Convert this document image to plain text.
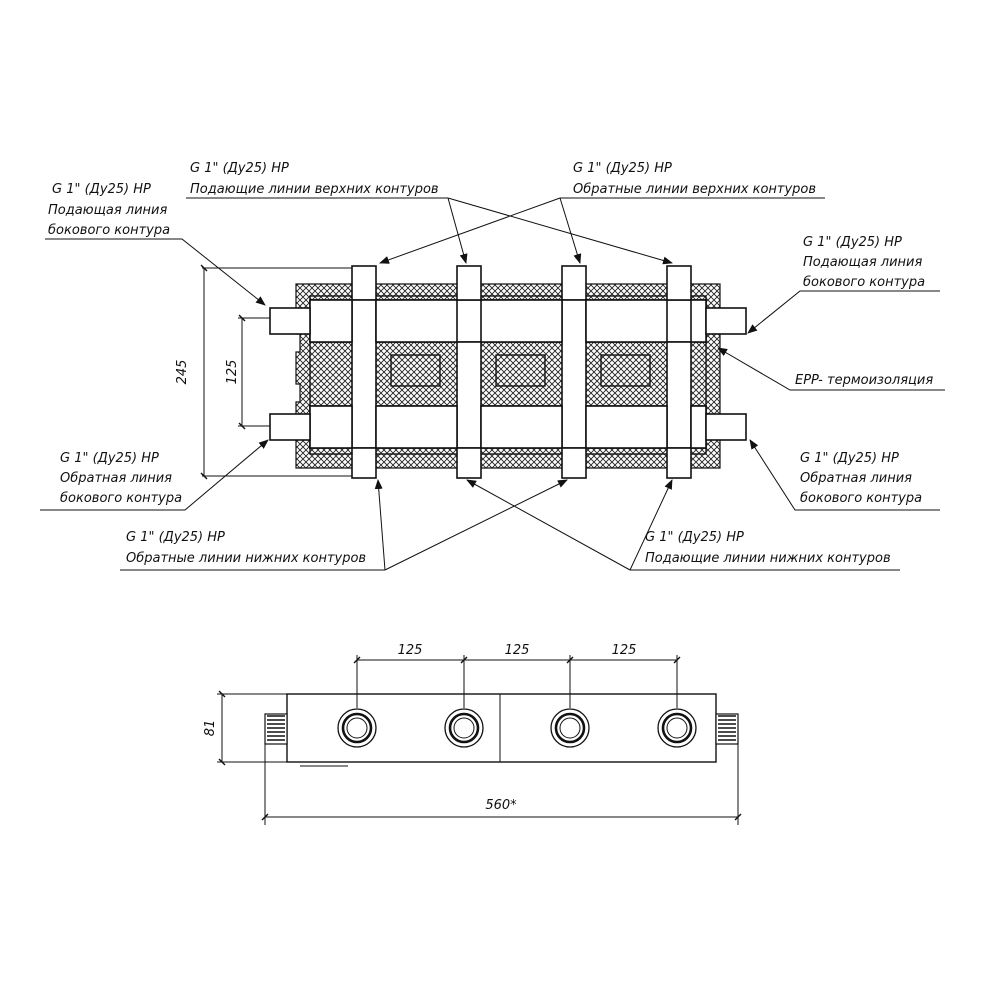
245	125
G 1" (Ду25) НР
Подающая линия
бокового контура
G 1" (Ду25) НР
Подающие линии верхних контуров
G 1" (Ду25) НР
Обратные линии верхних контуров
G 1" (Ду25) НР
Подающая линия
бокового контура
EPP- термоизоляция
G 1" (Ду25) НР
Обратная линия
бокового контура
G 1" (Ду25) НР
Обратная линия
бокового контура
G 1" (Ду25) НР
Обратные линии нижних контуров
G 1" (Ду25) НР
Подающие линии нижних контуров
125	125	125
81
560*
